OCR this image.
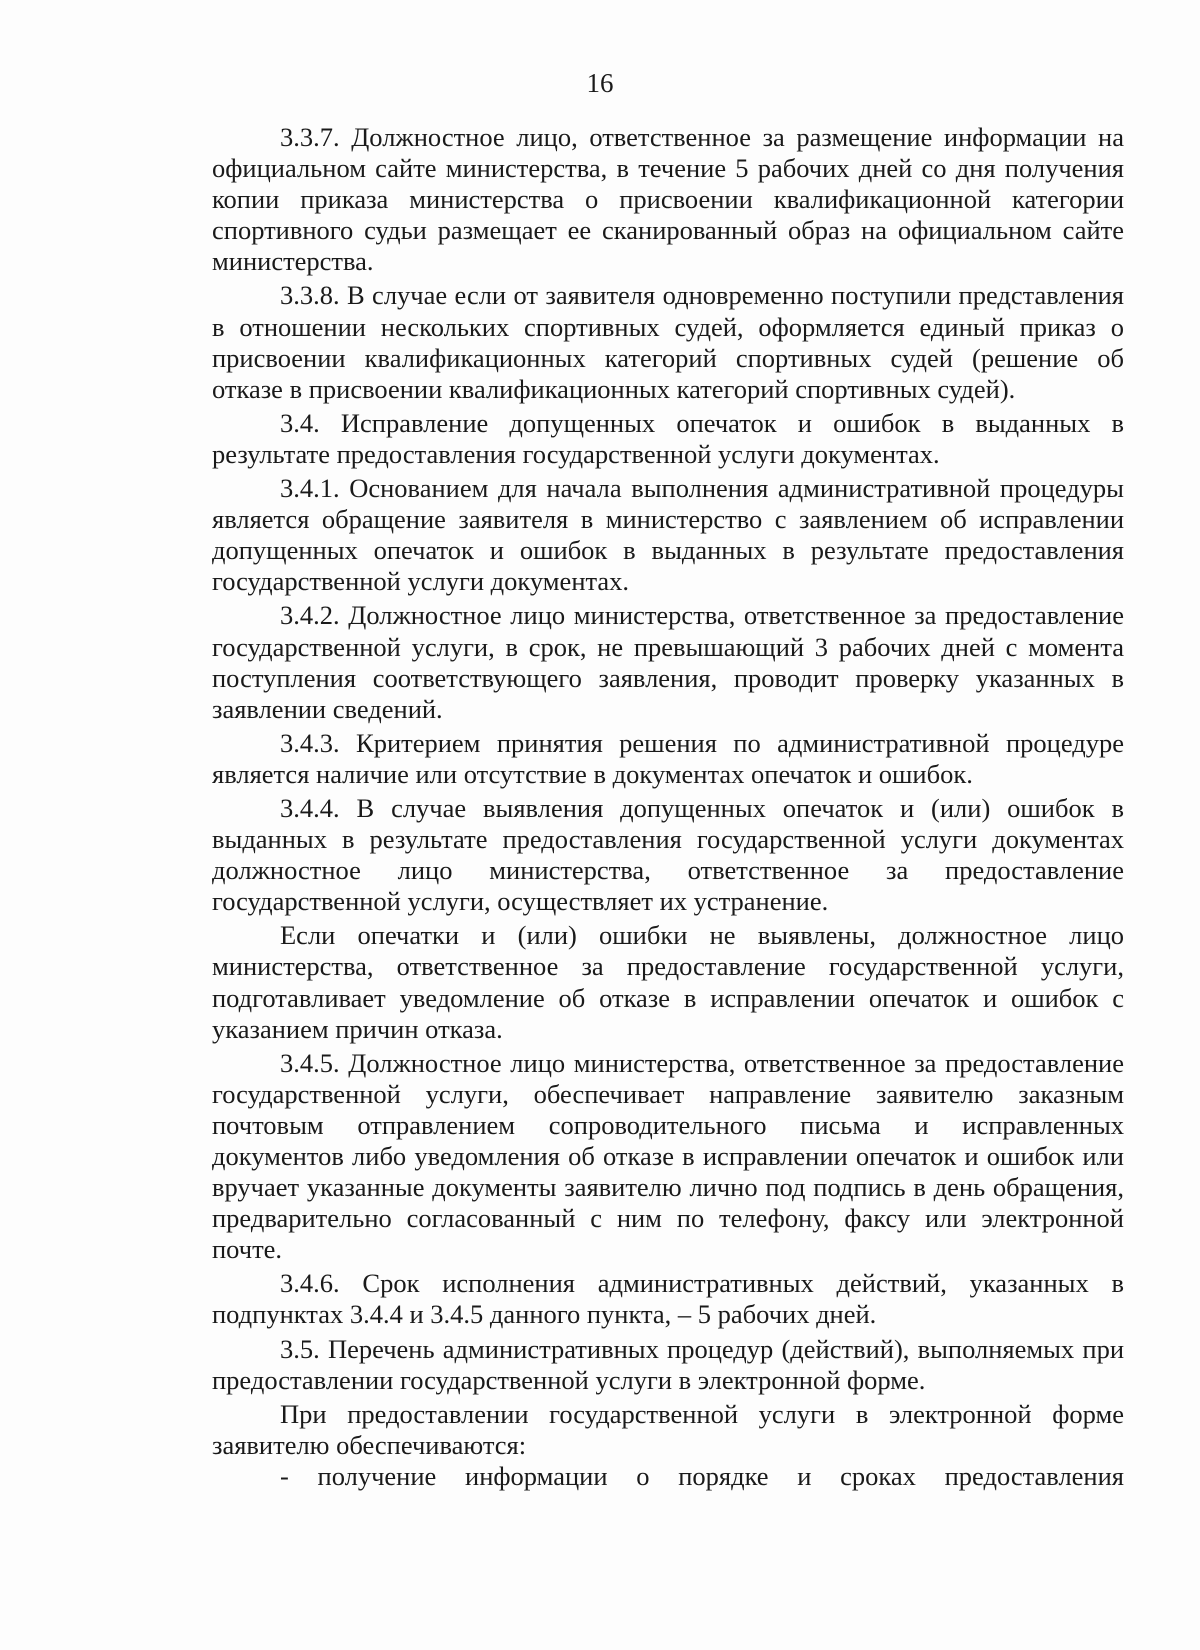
16

3.3.7. Должностное лицо, ответственное за размещение информации на официальном сайте министерства, в течение 5 рабочих дней со дня получения копии приказа министерства о присвоении квалификационной категории спортивного судьи размещает ее сканированный образ на официальном сайте министерства.

3.3.8. В случае если от заявителя одновременно поступили представления в отношении нескольких спортивных судей, оформляется единый приказ о присвоении квалификационных категорий спортивных судей (решение об отказе в присвоении квалификационных категорий спортивных судей).

3.4. Исправление допущенных опечаток и ошибок в выданных в результате предоставления государственной услуги документах.

3.4.1. Основанием для начала выполнения административной процедуры является обращение заявителя в министерство с заявлением об исправлении допущенных опечаток и ошибок в выданных в результате предоставления государственной услуги документах.

3.4.2. Должностное лицо министерства, ответственное за предоставление государственной услуги, в срок, не превышающий 3 рабочих дней с момента поступления соответствующего заявления, проводит проверку указанных в заявлении сведений.

3.4.3. Критерием принятия решения по административной процедуре является наличие или отсутствие в документах опечаток и ошибок.

3.4.4. В случае выявления допущенных опечаток и (или) ошибок в выданных в результате предоставления государственной услуги документах должностное лицо министерства, ответственное за предоставление государственной услуги, осуществляет их устранение.

Если опечатки и (или) ошибки не выявлены, должностное лицо министерства, ответственное за предоставление государственной услуги, подготавливает уведомление об отказе в исправлении опечаток и ошибок с указанием причин отказа.

3.4.5. Должностное лицо министерства, ответственное за предоставление государственной услуги, обеспечивает направление заявителю заказным почтовым отправлением сопроводительного письма и исправленных документов либо уведомления об отказе в исправлении опечаток и ошибок или вручает указанные документы заявителю лично под подпись в день обращения, предварительно согласованный с ним по телефону, факсу или электронной почте.

3.4.6. Срок исполнения административных действий, указанных в подпунктах 3.4.4 и 3.4.5 данного пункта, – 5 рабочих дней.

3.5. Перечень административных процедур (действий), выполняемых при предоставлении государственной услуги в электронной форме.

При предоставлении государственной услуги в электронной форме заявителю обеспечиваются:

- получение информации о порядке и сроках предоставления
